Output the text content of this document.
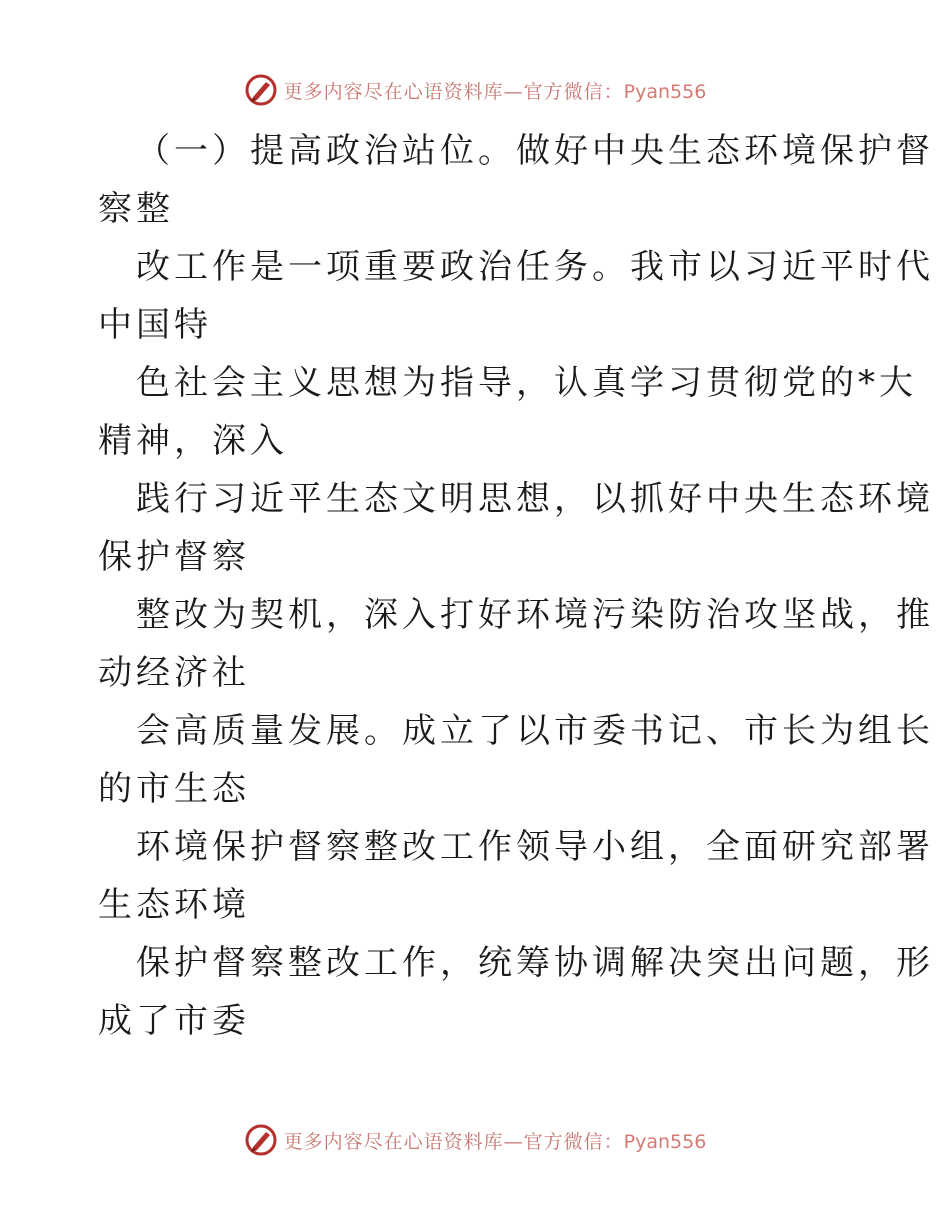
更多内容尽在心语资料库—官方微信：Pyan556
（一）提高政治站位。做好中央生态环境保护督
察整
改工作是一项重要政治任务。我市以习近平时代
中国特
色社会主义思想为指导，认真学习贯彻党的*大
精神，深入
践行习近平生态文明思想，以抓好中央生态环境
保护督察
整改为契机，深入打好环境污染防治攻坚战，推
动经济社
会高质量发展。成立了以市委书记、市长为组长
的市生态
环境保护督察整改工作领导小组，全面研究部署
生态环境
保护督察整改工作，统筹协调解决突出问题，形
成了市委
更多内容尽在心语资料库—官方微信：Pyan556
